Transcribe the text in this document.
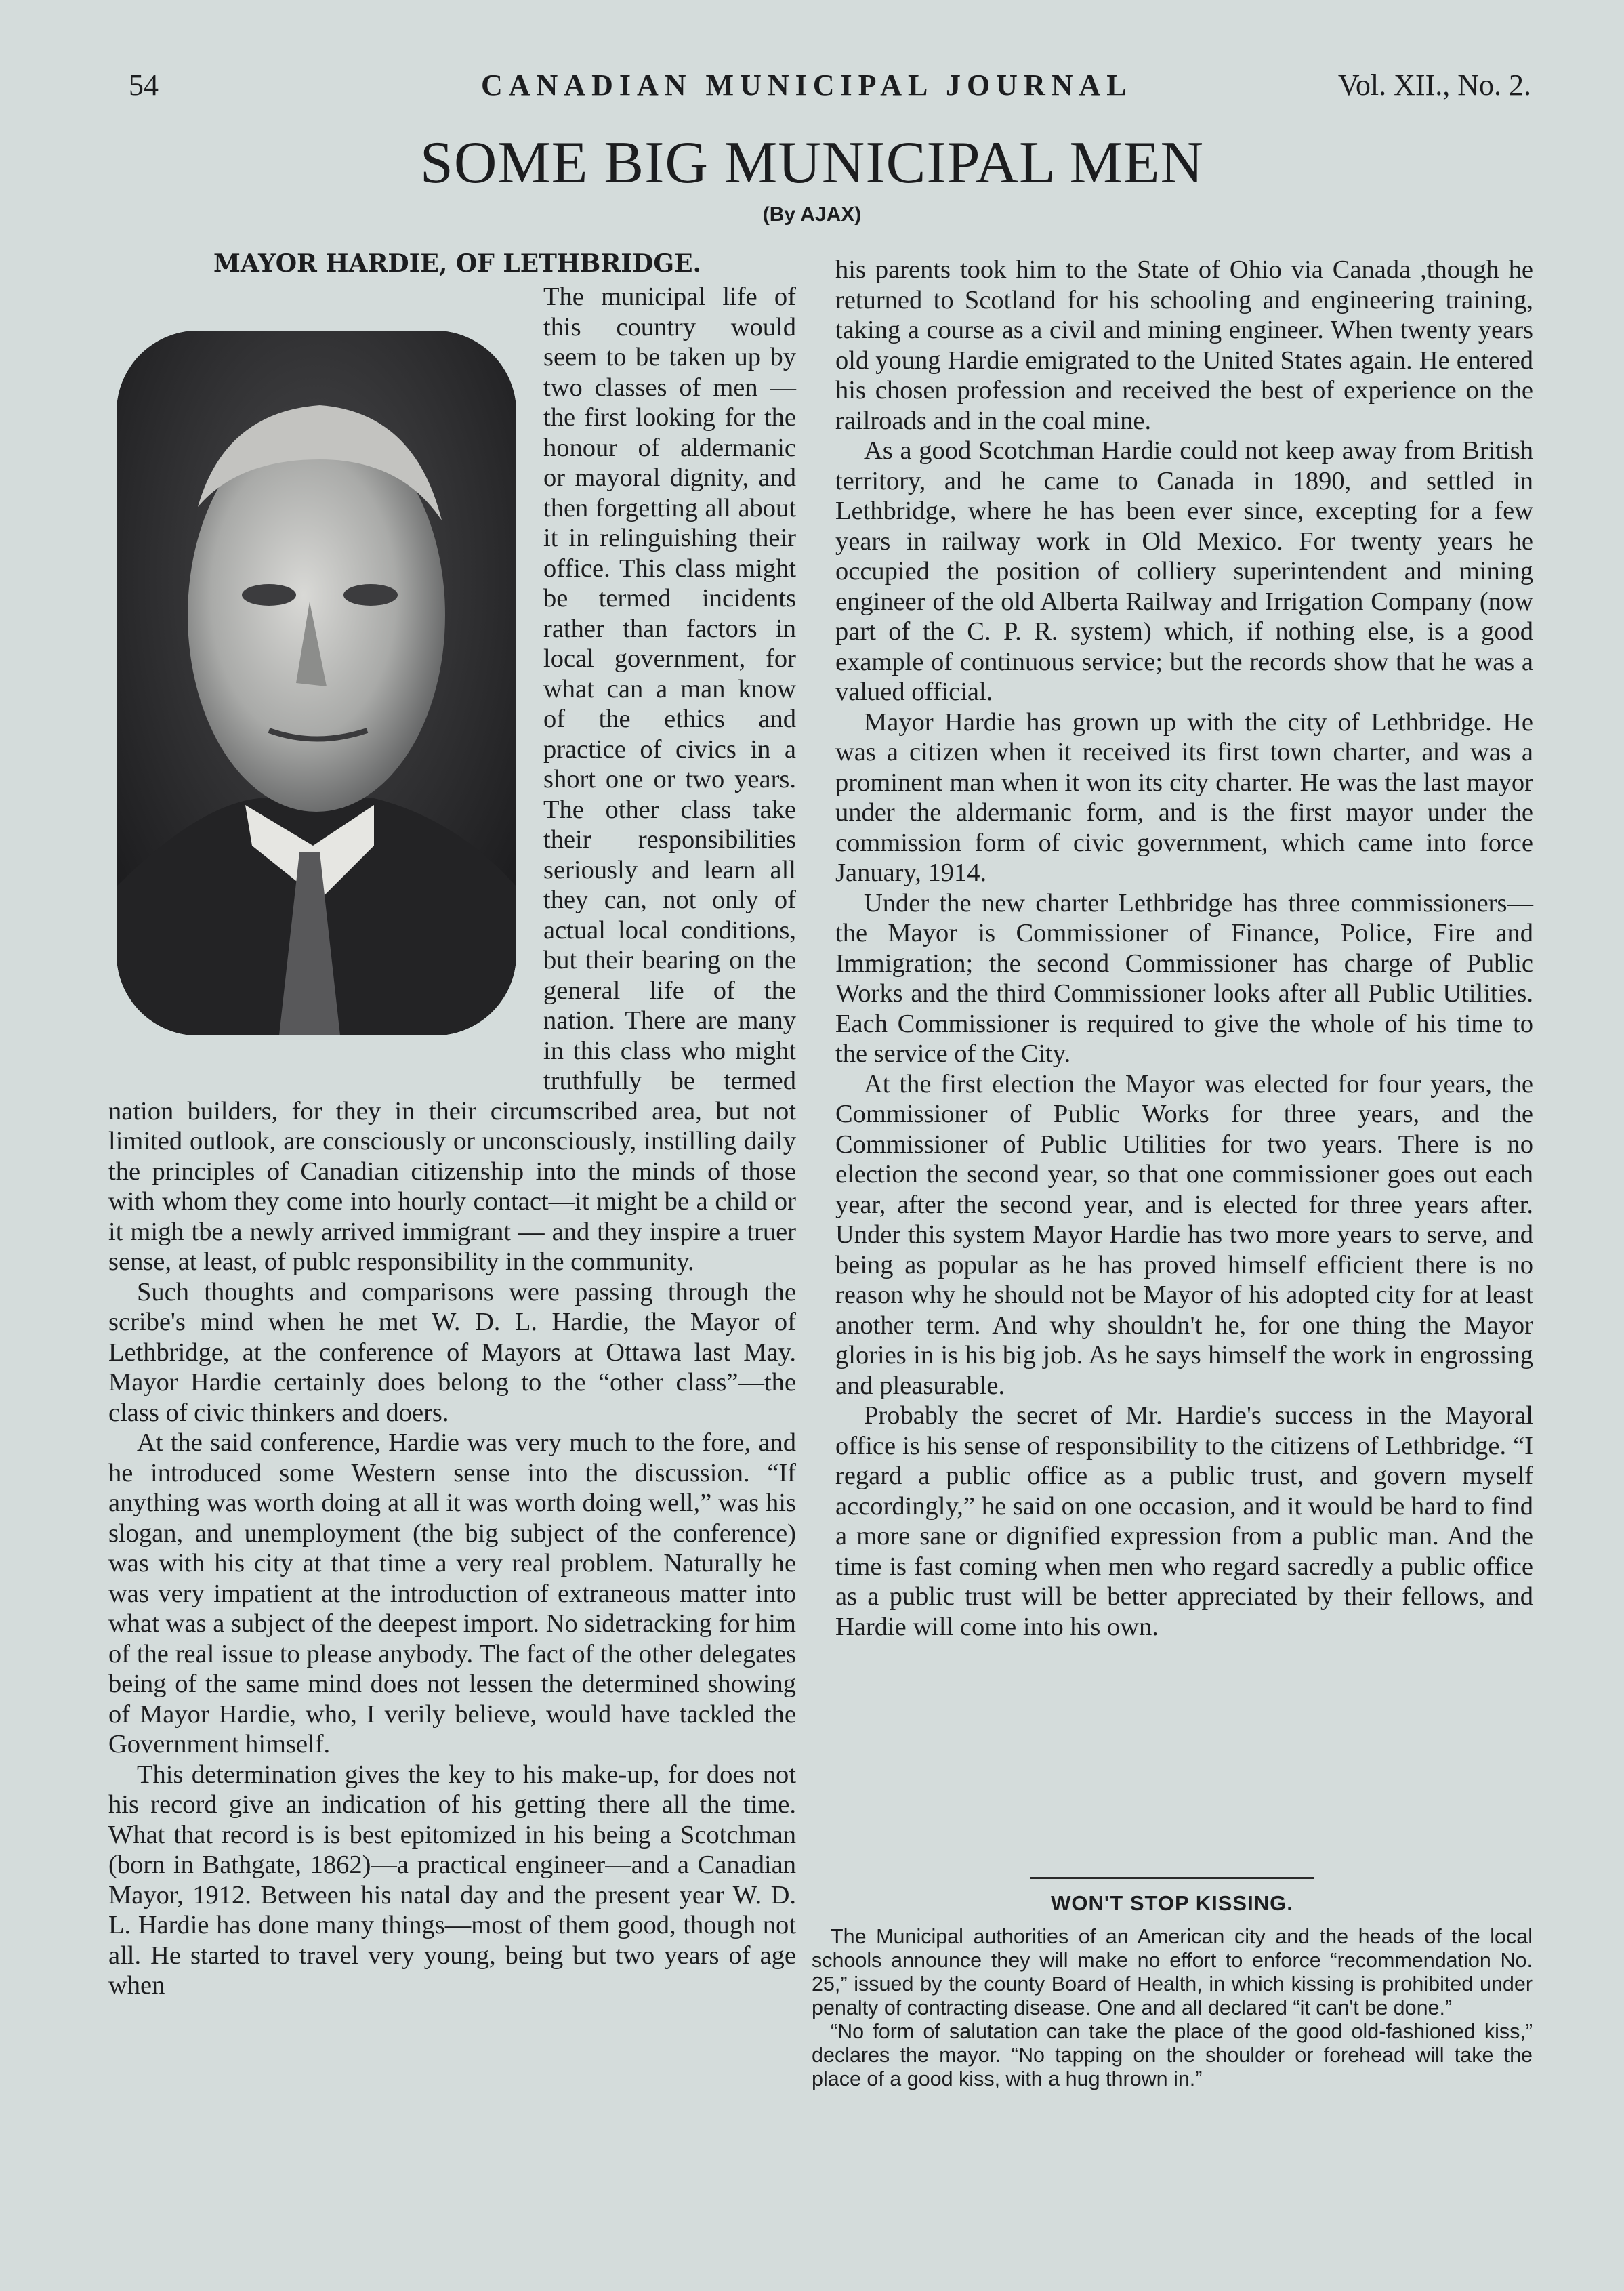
54	CANADIAN MUNICIPAL JOURNAL	Vol. XII., No. 2.
SOME BIG MUNICIPAL MEN
(By AJAX)
MAYOR HARDIE, OF LETHBRIDGE.

The municipal life of this country would seem to be taken up by two classes of men —the first looking for the honour of aldermanic or mayoral dignity, and then forgetting all about it in relinguishing their office. This class might be termed incidents rather than factors in local government, for what can a man know of the ethics and practice of civics in a short one or two years. The other class take their responsibilities seriously and learn all they can, not only of actual local conditions, but their bearing on the general life of the nation. There are many in this class who might truthfully be termed nation builders, for they in their circumscribed area, but not limited outlook, are consciously or unconsciously, instilling daily the principles of Canadian citizenship into the minds of those with whom they come into hourly contact—it might be a child or it migh tbe a newly arrived immigrant — and they inspire a truer sense, at least, of publc responsibility in the community.

Such thoughts and comparisons were passing through the scribe's mind when he met W. D. L. Hardie, the Mayor of Lethbridge, at the conference of Mayors at Ottawa last May. Mayor Hardie certainly does belong to the “other class”—the class of civic thinkers and doers.

At the said conference, Hardie was very much to the fore, and he introduced some Western sense into the discussion. “If anything was worth doing at all it was worth doing well,” was his slogan, and unemployment (the big subject of the conference) was with his city at that time a very real problem. Naturally he was very impatient at the introduction of extraneous matter into what was a subject of the deepest import. No sidetracking for him of the real issue to please anybody. The fact of the other delegates being of the same mind does not lessen the determined showing of Mayor Hardie, who, I verily believe, would have tackled the Government himself.

This determination gives the key to his make-up, for does not his record give an indication of his getting there all the time. What that record is is best epitomized in his being a Scotchman (born in Bathgate, 1862)—a practical engineer—and a Canadian Mayor, 1912. Between his natal day and the present year W. D. L. Hardie has done many things—most of them good, though not all. He started to travel very young, being but two years of age when

his parents took him to the State of Ohio via Canada ,though he returned to Scotland for his schooling and engineering training, taking a course as a civil and mining engineer. When twenty years old young Hardie emigrated to the United States again. He entered his chosen profession and received the best of experience on the railroads and in the coal mine.

As a good Scotchman Hardie could not keep away from British territory, and he came to Canada in 1890, and settled in Lethbridge, where he has been ever since, excepting for a few years in railway work in Old Mexico. For twenty years he occupied the position of colliery superintendent and mining engineer of the old Alberta Railway and Irrigation Company (now part of the C. P. R. system) which, if nothing else, is a good example of continuous service; but the records show that he was a valued official.

Mayor Hardie has grown up with the city of Lethbridge. He was a citizen when it received its first town charter, and was a prominent man when it won its city charter. He was the last mayor under the aldermanic form, and is the first mayor under the commission form of civic government, which came into force January, 1914.

Under the new charter Lethbridge has three commissioners—the Mayor is Commissioner of Finance, Police, Fire and Immigration; the second Commissioner has charge of Public Works and the third Commissioner looks after all Public Utilities. Each Commissioner is required to give the whole of his time to the service of the City.

At the first election the Mayor was elected for four years, the Commissioner of Public Works for three years, and the Commissioner of Public Utilities for two years. There is no election the second year, so that one commissioner goes out each year, after the second year, and is elected for three years after. Under this system Mayor Hardie has two more years to serve, and being as popular as he has proved himself efficient there is no reason why he should not be Mayor of his adopted city for at least another term. And why shouldn't he, for one thing the Mayor glories in is his big job. As he says himself the work in engrossing and pleasurable.

Probably the secret of Mr. Hardie's success in the Mayoral office is his sense of responsibility to the citizens of Lethbridge. “I regard a public office as a public trust, and govern myself accordingly,” he said on one occasion, and it would be hard to find a more sane or dignified expression from a public man. And the time is fast coming when men who regard sacredly a public office as a public trust will be better appreciated by their fellows, and Hardie will come into his own.

WON'T STOP KISSING.

The Municipal authorities of an American city and the heads of the local schools announce they will make no effort to enforce “recommendation No. 25,” issued by the county Board of Health, in which kissing is prohibited under penalty of contracting disease. One and all declared “it can't be done.”

“No form of salutation can take the place of the good old-fashioned kiss,” declares the mayor. “No tapping on the shoulder or forehead will take the place of a good kiss, with a hug thrown in.”
